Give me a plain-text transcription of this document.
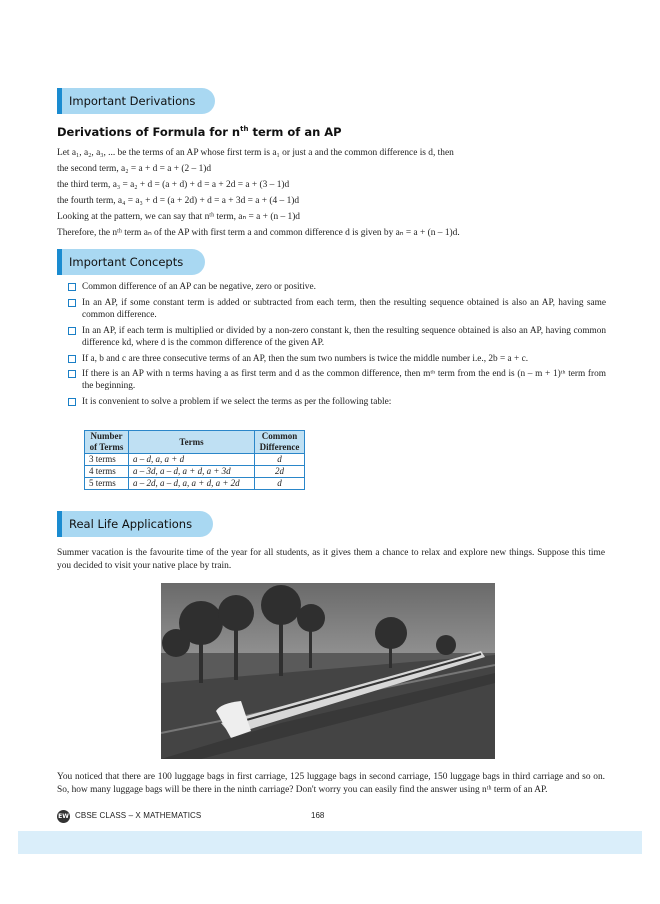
Important Derivations
Derivations of Formula for $n^{th}$ term of an AP
Let a₁, a₂, a₃, ... be the terms of an AP whose first term is a₁ or just a and the common difference is d, then
the second term, a₂ = a + d = a + (2 – 1)d
the third term, a₃ = a₂ + d = (a + d) + d = a + 2d = a + (3 – 1)d
the fourth term, a₄ = a₃ + d = (a + 2d) + d = a + 3d = a + (4 – 1)d
Looking at the pattern, we can say that nᵗʰ term, aₙ = a + (n – 1)d
Therefore, the nᵗʰ term aₙ of the AP with first term a and common difference d is given by aₙ = a + (n – 1)d.
Important Concepts
Common difference of an AP can be negative, zero or positive.
In an AP, if some constant term is added or subtracted from each term, then the resulting sequence obtained is also an AP, having same common difference.
In an AP, if each term is multiplied or divided by a non-zero constant k, then the resulting sequence obtained is also an AP, having common difference kd, where d is the common difference of the given AP.
If a, b and c are three consecutive terms of an AP, then the sum two numbers is twice the middle number i.e., 2b = a + c.
If there is an AP with n terms having a as first term and d as the common difference, then mᵗʰ term from the end is (n – m + 1)ᵗʰ term from the beginning.
It is convenient to solve a problem if we select the terms as per the following table:
Number of Terms	Terms	Common Difference
3 terms	a – d, a, a + d	d
4 terms	a – 3d, a – d, a + d, a + 3d	2d
5 terms	a – 2d, a – d, a, a + d, a + 2d	d
Real Life Applications
Summer vacation is the favourite time of the year for all students, as it gives them a chance to relax and explore new things. Suppose this time you decided to visit your native place by train.
You noticed that there are 100 luggage bags in first carriage, 125 luggage bags in second carriage, 150 luggage bags in third carriage and so on. So, how many luggage bags will be there in the ninth carriage? Don't worry you can easily find the answer using nᵗʰ term of an AP.
EW CBSE CLASS – X MATHEMATICS	168
